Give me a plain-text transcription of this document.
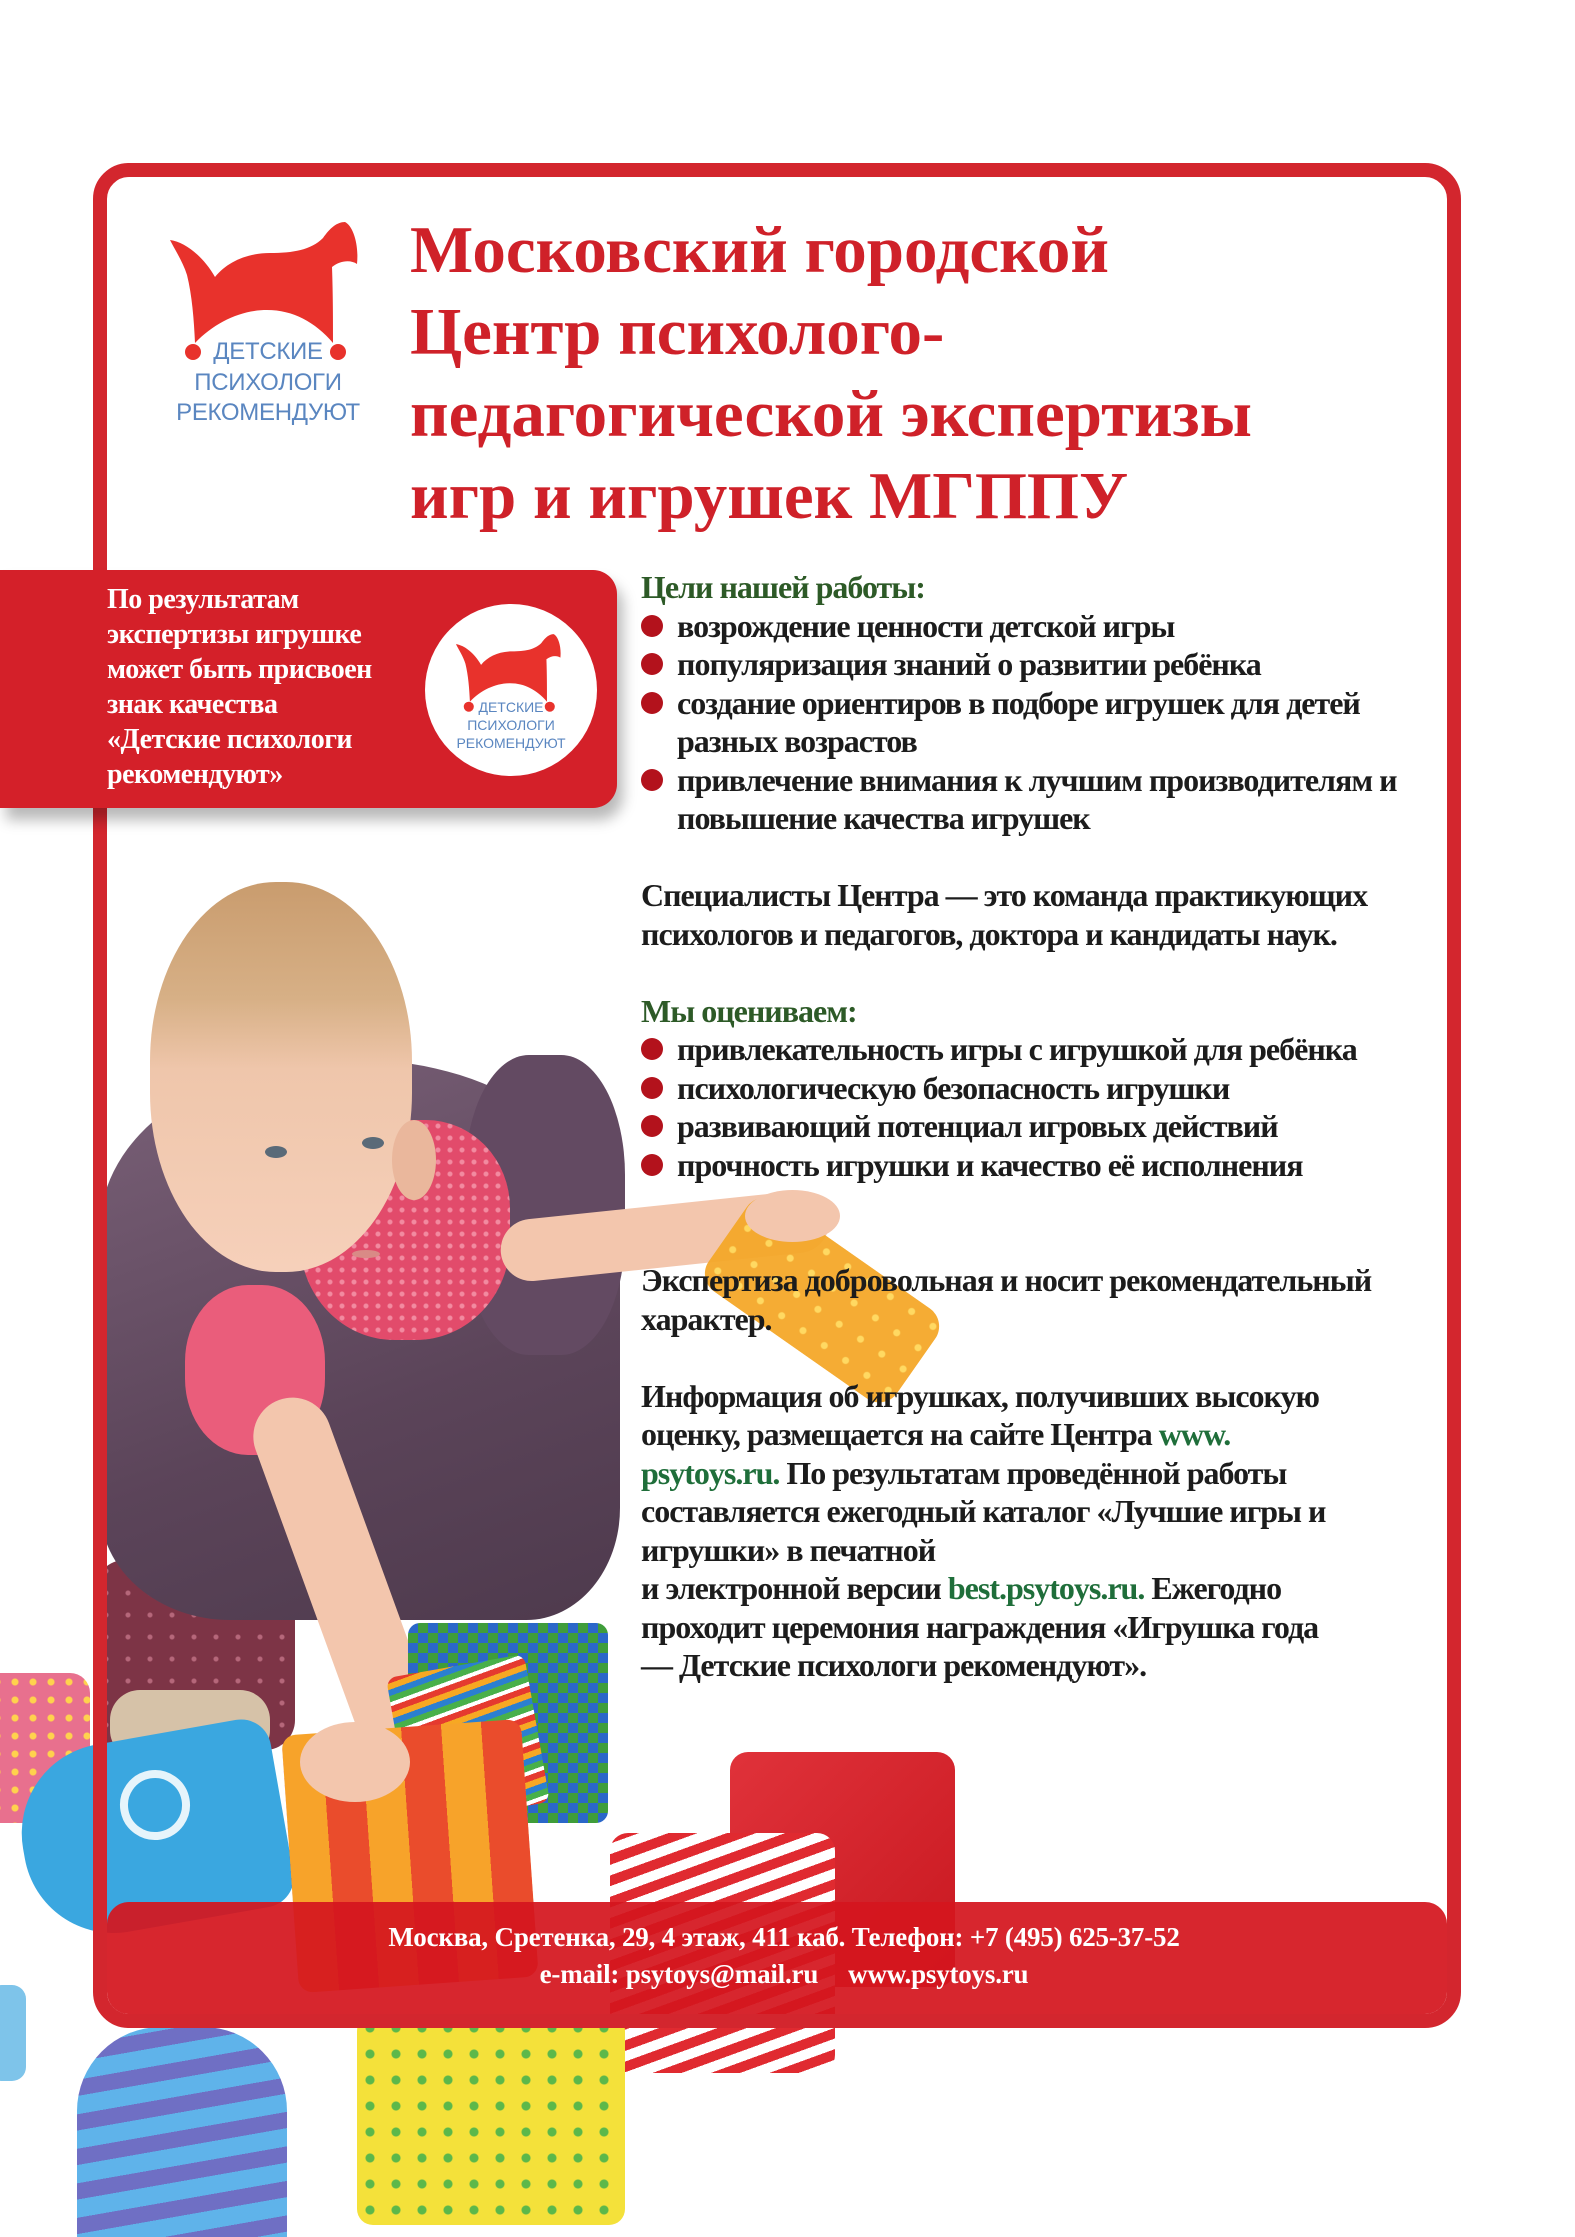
ДЕТСКИЕ
ПСИХОЛОГИ
РЕКОМЕНДУЮТ
Московский городской
Центр психолого-
педагогической экспертизы
игр и игрушек МГППУ
По результатам
экспертизы игрушке
может быть присвоен
знак качества
«Детские психологи
рекомендуют»
ДЕТСКИЕ
ПСИХОЛОГИ
РЕКОМЕНДУЮТ
Цели нашей работы:
возрождение ценности детской игры
популяризация знаний о развитии ребёнка
создание ориентиров в подборе игрушек для детей
разных возрастов
привлечение внимания к лучшим производителям и
повышение качества игрушек
Специалисты Центра — это команда практикующих
психологов и педагогов, доктора и кандидаты наук.
Мы оцениваем:
привлекательность игры с игрушкой для ребёнка
психологическую безопасность игрушки
развивающий потенциал игровых действий
прочность игрушки и качество её исполнения
Экспертиза добровольная и носит рекомендательный
характер.
Информация об игрушках, получивших высокую
оценку, размещается на сайте Центра www.
psytoys.ru. По результатам проведённой работы
составляется ежегодный каталог «Лучшие игры и
игрушки» в печатной
и электронной версии best.psytoys.ru. Ежегодно
проходит церемония награждения «Игрушка года
— Детские психологи рекомендуют».
Москва, Сретенка, 29, 4 этаж, 411 каб. Телефон: +7 (495) 625-37-52
e-mail: psytoys@mail.ru www.psytoys.ru
